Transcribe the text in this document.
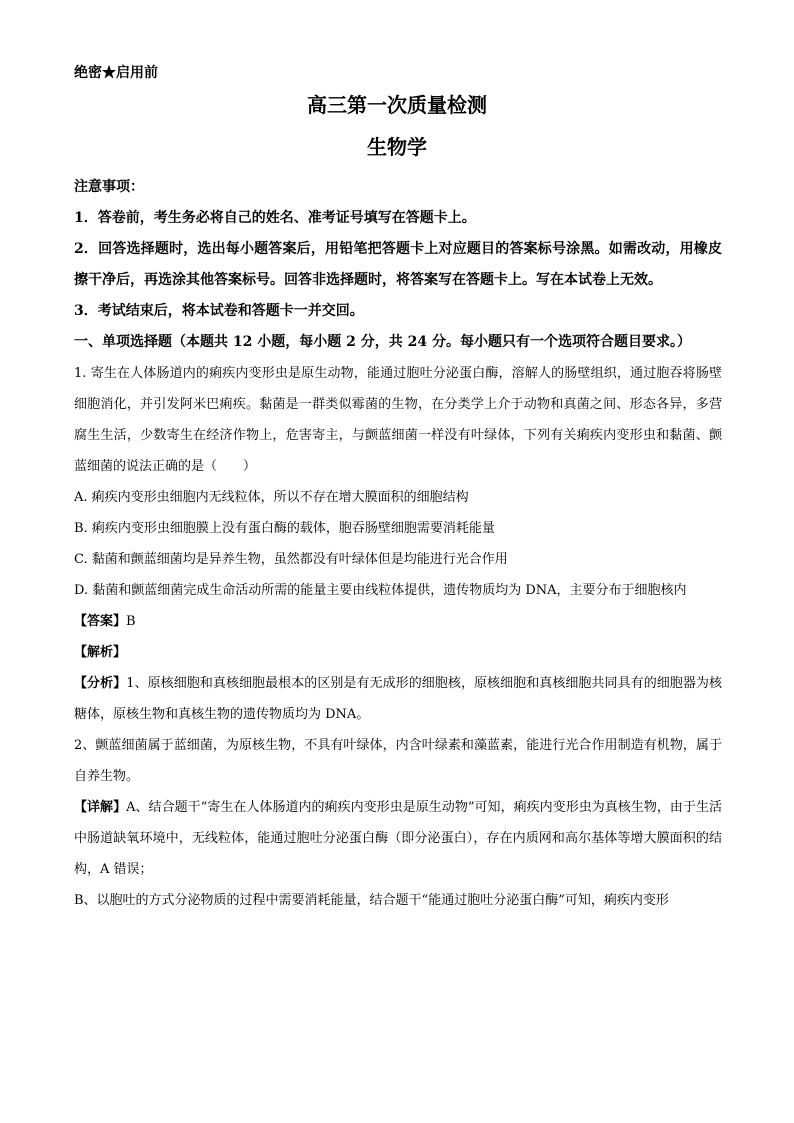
绝密★启用前
高三第一次质量检测
生物学

注意事项：

1．答卷前，考生务必将自己的姓名、准考证号填写在答题卡上。

2．回答选择题时，选出每小题答案后，用铅笔把答题卡上对应题目的答案标号涂黑。如需改动，用橡皮擦干净后，再选涂其他答案标号。回答非选择题时，将答案写在答题卡上。写在本试卷上无效。

3．考试结束后，将本试卷和答题卡一并交回。

一、单项选择题（本题共 12 小题，每小题 2 分，共 24 分。每小题只有一个选项符合题目要求。）

1. 寄生在人体肠道内的痢疾内变形虫是原生动物，能通过胞吐分泌蛋白酶，溶解人的肠壁组织，通过胞吞将肠壁细胞消化，并引发阿米巴痢疾。黏菌是一群类似霉菌的生物，在分类学上介于动物和真菌之间、形态各异，多营腐生生活，少数寄生在经济作物上，危害寄主，与颤蓝细菌一样没有叶绿体，下列有关痢疾内变形虫和黏菌、颤蓝细菌的说法正确的是（　　）

A. 痢疾内变形虫细胞内无线粒体，所以不存在增大膜面积的细胞结构

B. 痢疾内变形虫细胞膜上没有蛋白酶的载体，胞吞肠壁细胞需要消耗能量

C. 黏菌和颤蓝细菌均是异养生物，虽然都没有叶绿体但是均能进行光合作用

D. 黏菌和颤蓝细菌完成生命活动所需的能量主要由线粒体提供，遗传物质均为 DNA，主要分布于细胞核内

【答案】B

【解析】

【分析】1、原核细胞和真核细胞最根本的区别是有无成形的细胞核，原核细胞和真核细胞共同具有的细胞器为核糖体，原核生物和真核生物的遗传物质均为 DNA。

2、颤蓝细菌属于蓝细菌，为原核生物，不具有叶绿体，内含叶绿素和藻蓝素，能进行光合作用制造有机物，属于自养生物。

【详解】A、结合题干“寄生在人体肠道内的痢疾内变形虫是原生动物”可知，痢疾内变形虫为真核生物，由于生活中肠道缺氧环境中，无线粒体，能通过胞吐分泌蛋白酶（即分泌蛋白），存在内质网和高尔基体等增大膜面积的结构，A 错误；

B、以胞吐的方式分泌物质的过程中需要消耗能量，结合题干“能通过胞吐分泌蛋白酶”可知，痢疾内变形
